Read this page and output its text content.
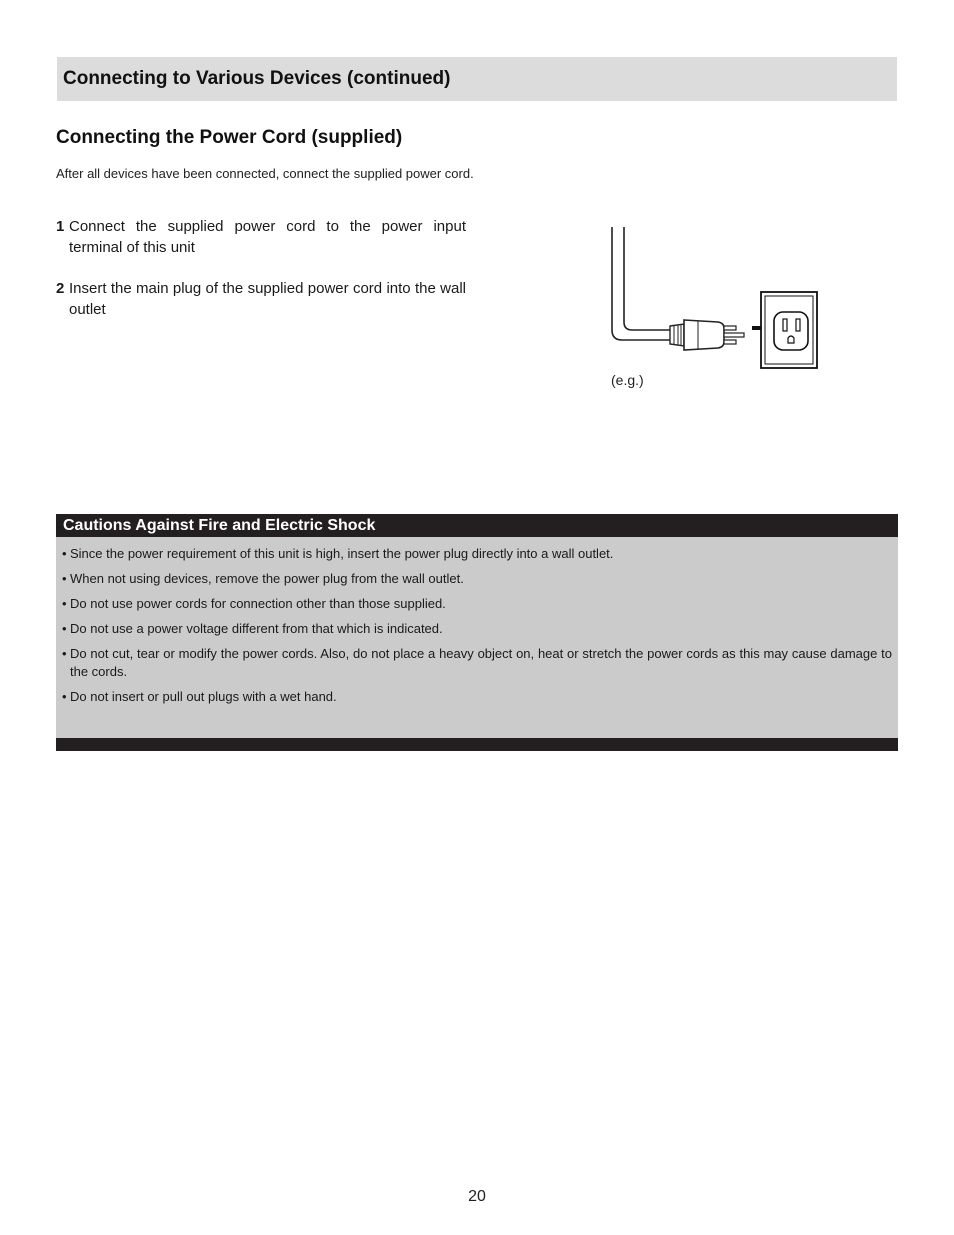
Connecting to Various Devices (continued)
Connecting the Power Cord (supplied)

After all devices have been connected, connect the supplied power cord.

1 Connect the supplied power cord to the power input terminal of this unit
2 Insert the main plug of the supplied power cord into the wall outlet
(e.g.)
Cautions Against Fire and Electric Shock
• Since the power requirement of this unit is high, insert the power plug directly into a wall outlet.
• When not using devices, remove the power plug from the wall outlet.
• Do not use power cords for connection other than those supplied.
• Do not use a power voltage different from that which is indicated.
• Do not cut, tear or modify the power cords. Also, do not place a heavy object on, heat or stretch the power cords as this may cause damage to the cords.
• Do not insert or pull out plugs with a wet hand.
20
